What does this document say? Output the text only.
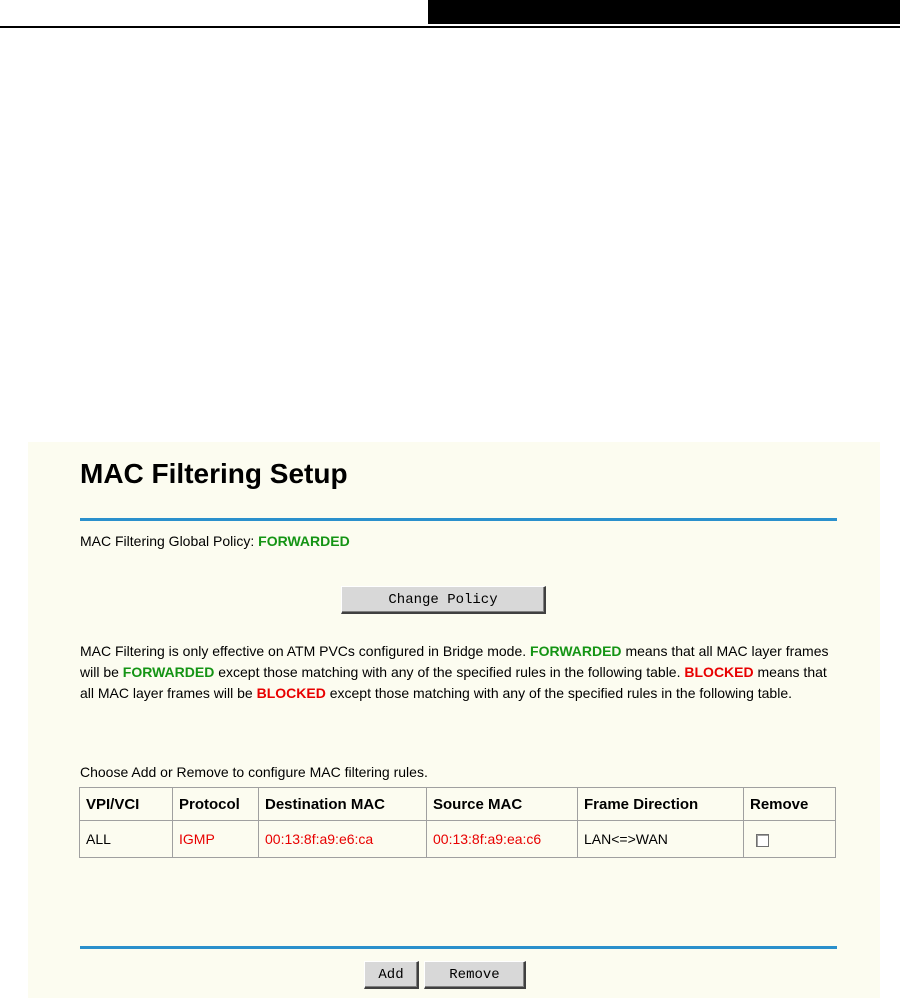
MAC Filtering Setup
MAC Filtering Global Policy: FORWARDED
Change Policy
MAC Filtering is only effective on ATM PVCs configured in Bridge mode. FORWARDED means that all MAC layer frames will be FORWARDED except those matching with any of the specified rules in the following table. BLOCKED means that all MAC layer frames will be BLOCKED except those matching with any of the specified rules in the following table.
Choose Add or Remove to configure MAC filtering rules.
VPI/VCI	Protocol	Destination MAC	Source MAC	Frame Direction	Remove
ALL	IGMP	00:13:8f:a9:e6:ca	00:13:8f:a9:ea:c6	LAN<=>WAN	
Add	Remove
